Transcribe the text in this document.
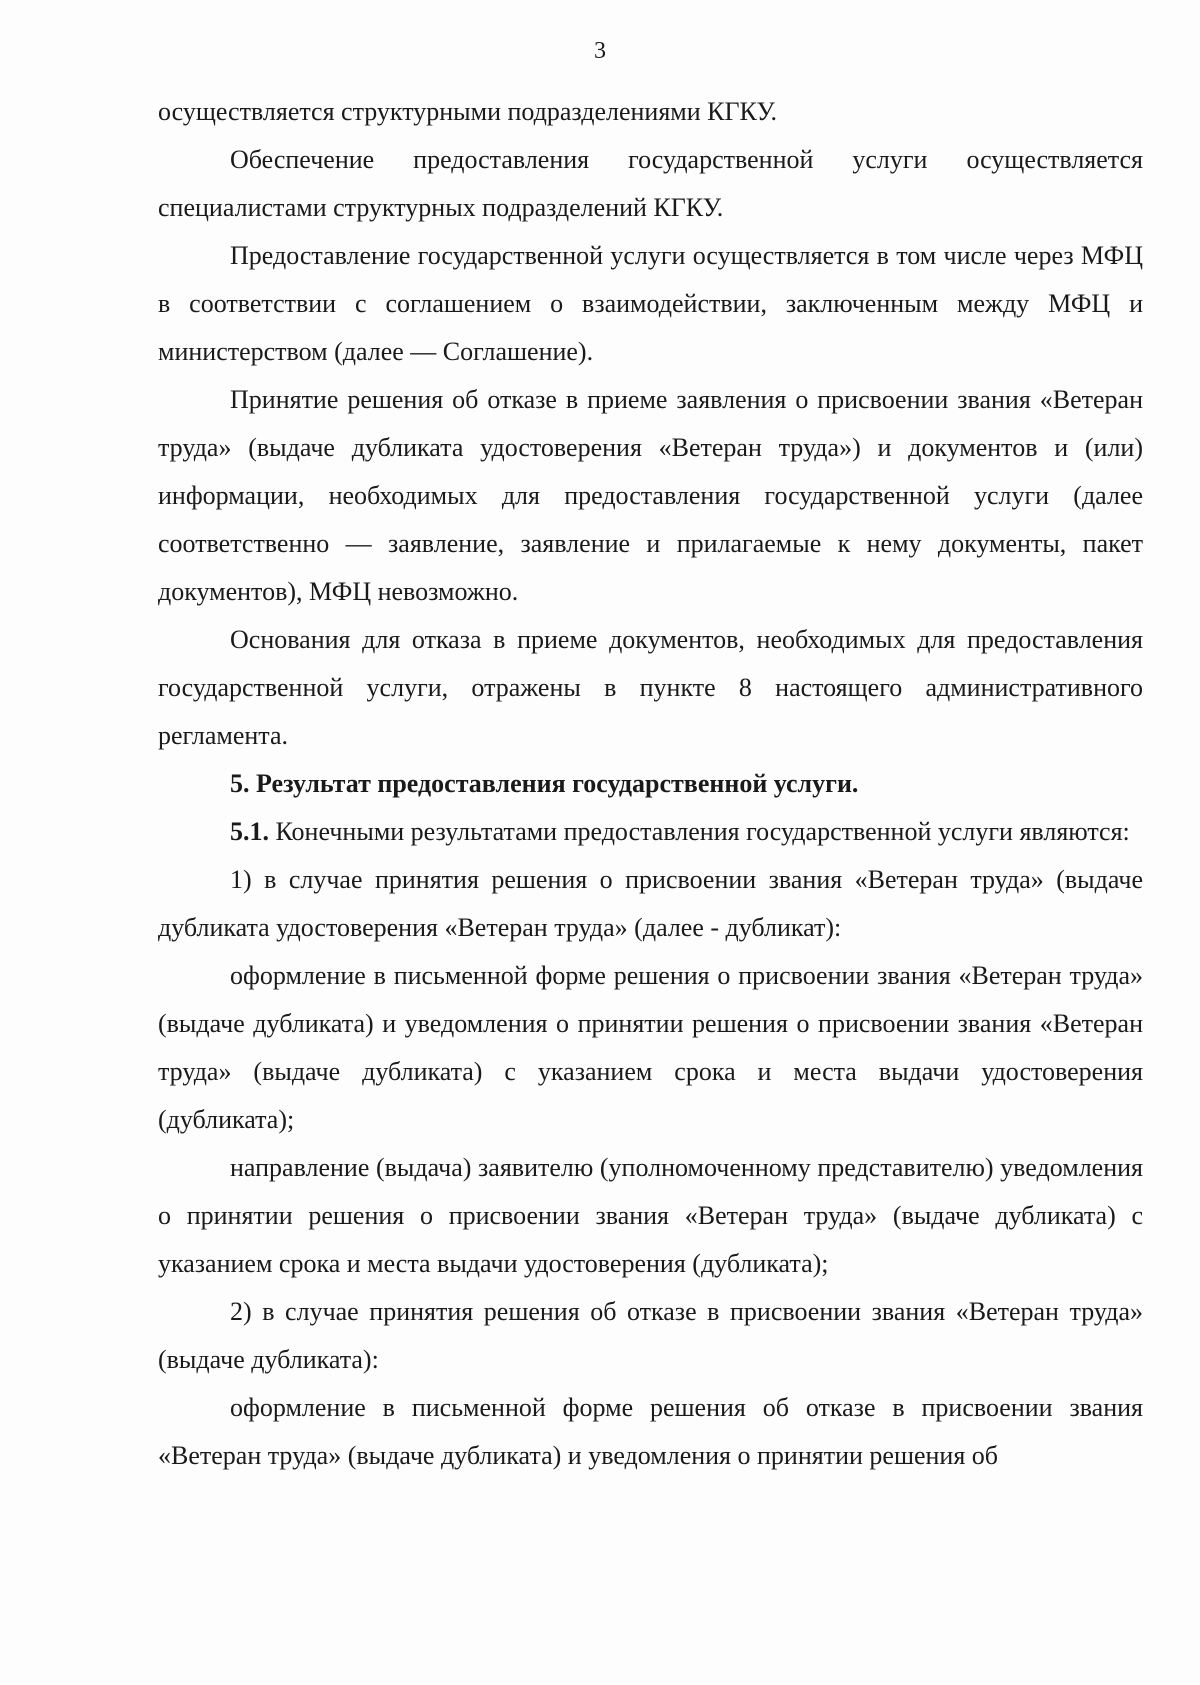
3

осуществляется структурными подразделениями КГКУ.

Обеспечение предоставления государственной услуги осуществляется специалистами структурных подразделений КГКУ.

Предоставление государственной услуги осуществляется в том числе через МФЦ в соответствии с соглашением о взаимодействии, заключенным между МФЦ и министерством (далее — Соглашение).

Принятие решения об отказе в приеме заявления о присвоении звания «Ветеран труда» (выдаче дубликата удостоверения «Ветеран труда») и документов и (или) информации, необходимых для предоставления государственной услуги (далее соответственно — заявление, заявление и прилагаемые к нему документы, пакет документов), МФЦ невозможно.

Основания для отказа в приеме документов, необходимых для предоставления государственной услуги, отражены в пункте 8 настоящего административного регламента.

5. Результат предоставления государственной услуги.

5.1. Конечными результатами предоставления государственной услуги являются:

1) в случае принятия решения о присвоении звания «Ветеран труда» (выдаче дубликата удостоверения «Ветеран труда» (далее - дубликат):

оформление в письменной форме решения о присвоении звания «Ветеран труда» (выдаче дубликата) и уведомления о принятии решения о присвоении звания «Ветеран труда» (выдаче дубликата) с указанием срока и места выдачи удостоверения (дубликата);

направление (выдача) заявителю (уполномоченному представителю) уведомления о принятии решения о присвоении звания «Ветеран труда» (выдаче дубликата) с указанием срока и места выдачи удостоверения (дубликата);

2) в случае принятия решения об отказе в присвоении звания «Ветеран труда» (выдаче дубликата):

оформление в письменной форме решения об отказе в присвоении звания «Ветеран труда» (выдаче дубликата) и уведомления о принятии решения об
